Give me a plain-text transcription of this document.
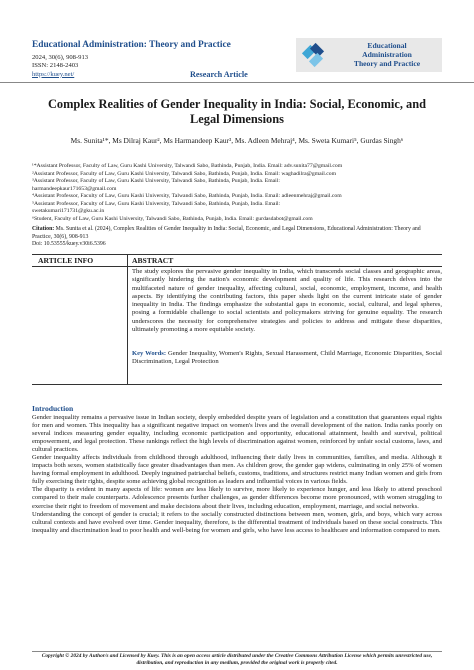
Educational Administration: Theory and Practice
2024, 30(6), 908-913
ISSN: 2148-2403
https://kuey.net/
Educational
Administration
Theory and Practice
Research Article
Complex Realities of Gender Inequality in India: Social, Economic, and Legal Dimensions
Ms. Sunita¹*, Ms Dilraj Kaur², Ms Harmandeep Kaur³, Ms. Adleen Mehraj⁴, Ms. Sweta Kumari⁵, Gurdas Singh⁶
¹*Assistant Professor, Faculty of Law, Guru Kashi University, Talwandi Sabo, Bathinda, Punjab, India. Email: adv.sunita77@gmail.com
²Assistant Professor, Faculty of Law, Guru Kashi University, Talwandi Sabo, Bathinda, Punjab, India. Email: waghadilra@gmail.com
³Assistant Professor, Faculty of Law, Guru Kashi University, Talwandi Sabo, Bathinda, Punjab, India. Email:
harmandeepkaur171653@gmail.com
⁴Assistant Professor, Faculty of Law, Guru Kashi University, Talwandi Sabo, Bathinda, Punjab, India. Email: adleenmehraj@gmail.com
⁵Assistant Professor, Faculty of Law, Guru Kashi University, Talwandi Sabo, Bathinda, Punjab, India. Email:
swetakumari171731@gku.ac.in
⁶Student, Faculty of Law, Guru Kashi University, Talwandi Sabo, Bathinda, Punjab, India. Email: gurdasdabot@gmail.com
Citation: Ms. Sunita et al. (2024), Complex Realities of Gender Inequality in India: Social, Economic, and Legal Dimensions, Educational Administration: Theory and Practice, 30(6), 908-913
Doi: 10.53555/kuey.v30i6.5396
ARTICLE INFO	ABSTRACT
The study explores the pervasive gender inequality in India, which transcends social classes and geographic areas, significantly hindering the nation's economic development and quality of life. This research delves into the multifaceted nature of gender inequality, affecting cultural, social, economic, employment, income, and health aspects. By identifying the contributing factors, this paper sheds light on the current intricate state of gender inequality in India. The findings emphasize the substantial gaps in economic, social, cultural, and legal spheres, posing a formidable challenge to social scientists and policymakers striving for genuine equality. The research underscores the necessity for comprehensive strategies and policies to address and mitigate these disparities, ultimately promoting a more equitable society.
Key Words: Gender Inequality, Women's Rights, Sexual Harassment, Child Marriage, Economic Disparities, Social Discrimination, Legal Protection
Introduction

Gender inequality remains a pervasive issue in Indian society, deeply embedded despite years of legislation and a constitution that guarantees equal rights for men and women. This inequality has a significant negative impact on women's lives and the overall development of the nation. India ranks poorly on several indices measuring gender equality, including economic participation and opportunity, educational attainment, health and survival, political empowerment, and legal protection. These rankings reflect the high levels of discrimination against women, reinforced by unfair social customs, laws, and cultural practices.

Gender inequality affects individuals from childhood through adulthood, influencing their daily lives in communities, families, and media. Although it impacts both sexes, women statistically face greater disadvantages than men. As children grow, the gender gap widens, culminating in only 25% of women having formal employment in adulthood. Deeply ingrained patriarchal beliefs, customs, traditions, and structures restrict many Indian women and girls from fully exercising their rights, despite some achieving global recognition as leaders and influential voices in various fields.

The disparity is evident in many aspects of life: women are less likely to survive, more likely to experience hunger, and less likely to attend preschool compared to their male counterparts. Adolescence presents further challenges, as gender differences become more pronounced, with women struggling to exercise their right to freedom of movement and make decisions about their lives, including education, employment, marriage, and social networks.

Understanding the concept of gender is crucial; it refers to the socially constructed distinctions between men, women, girls, and boys, which vary across cultural contexts and have evolved over time. Gender inequality, therefore, is the differential treatment of individuals based on these social constructs. This inequality and discrimination lead to poor health and well-being for women and girls, who have less access to healthcare and information compared to men.

Copyright © 2024 by Author/s and Licensed by Kuey. This is an open access article distributed under the Creative Commons Attribution License which permits unrestricted use, distribution, and reproduction in any medium, provided the original work is properly cited.
